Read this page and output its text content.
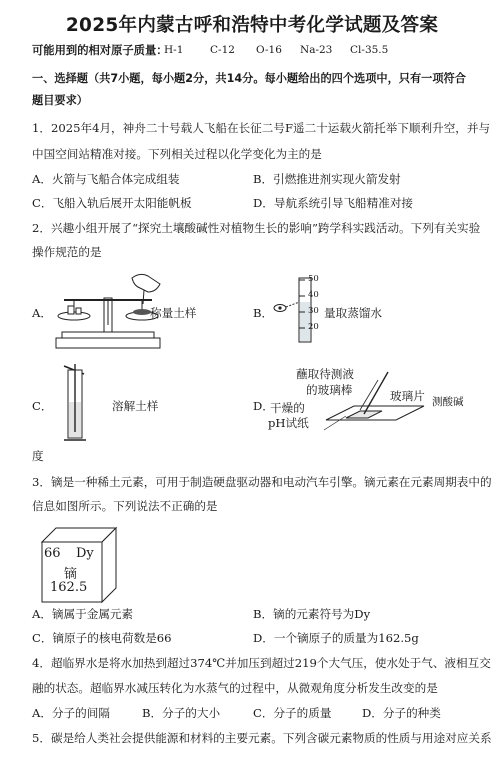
2025年内蒙古呼和浩特中考化学试题及答案
可能用到的相对原子质量：
H-1	C-12 O-16 Na-23 Cl-35.5
一、选择题（共7小题，每小题2分，共14分。每小题给出的四个选项中，只有一项符合
题目要求）
1．2025年4月，神舟二十号载人飞船在长征二号F遥二十运载火箭托举下顺利升空，并与
中国空间站精准对接。下列相关过程以化学变化为主的是
A．火箭与飞船合体完成组装	B．引燃推进剂实现火箭发射
C．飞船入轨后展开太阳能帆板	D．导航系统引导飞船精准对接
2．兴趣小组开展了“探究土壤酸碱性对植物生长的影响”跨学科实践活动。下列有关实验
操作规范的是
A．	称量土样	B．
50
40
30
20
量取蒸馏水
C．	溶解土样	D．
蘸取待测液
的玻璃棒	玻璃片 测酸碱
干燥的
pH试纸
度
3．镝是一种稀土元素，可用于制造硬盘驱动器和电动汽车引擎。镝元素在元素周期表中的
信息如图所示。下列说法不正确的是
66 Dy
镝
162.5
A．镝属于金属元素	B．镝的元素符号为Dy
C．镝原子的核电荷数是66	D．一个镝原子的质量为162.5g
4．超临界水是将水加热到超过374℃并加压到超过219个大气压，使水处于气、液相互交
融的状态。超临界水减压转化为水蒸气的过程中，从微观角度分析发生改变的是
A．分子的间隔	B．分子的大小	C．分子的质量	D．分子的种类
5．碳是给人类社会提供能源和材料的主要元素。下列含碳元素物质的性质与用途对应关系
